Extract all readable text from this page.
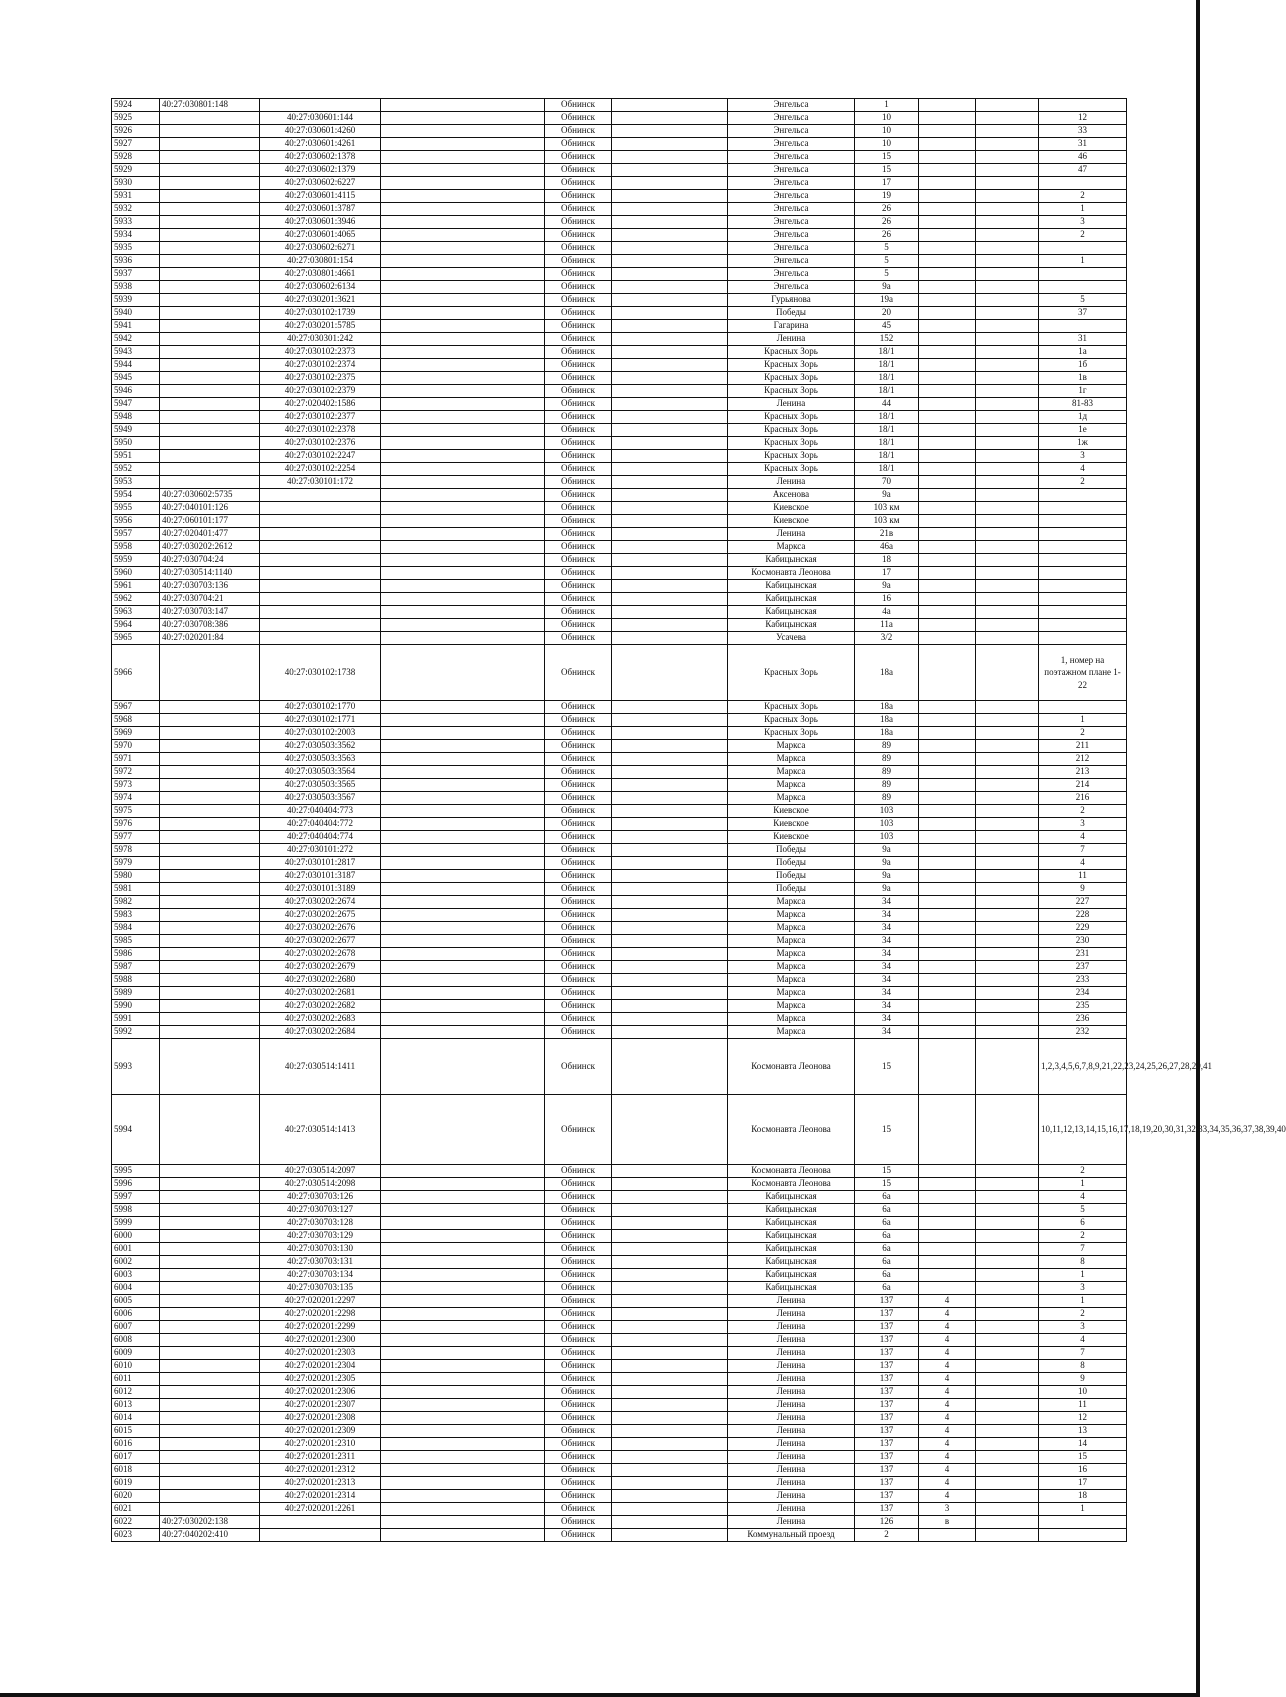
5924	40:27:030801:148			Обнинск		Энгельса	1			
5925		40:27:030601:144		Обнинск		Энгельса	10			12
5926		40:27:030601:4260		Обнинск		Энгельса	10			33
5927		40:27:030601:4261		Обнинск		Энгельса	10			31
5928		40:27:030602:1378		Обнинск		Энгельса	15			46
5929		40:27:030602:1379		Обнинск		Энгельса	15			47
5930		40:27:030602:6227		Обнинск		Энгельса	17			
5931		40:27:030601:4115		Обнинск		Энгельса	19			2
5932		40:27:030601:3787		Обнинск		Энгельса	26			1
5933		40:27:030601:3946		Обнинск		Энгельса	26			3
5934		40:27:030601:4065		Обнинск		Энгельса	26			2
5935		40:27:030602:6271		Обнинск		Энгельса	5			
5936		40:27:030801:154		Обнинск		Энгельса	5			1
5937		40:27:030801:4661		Обнинск		Энгельса	5			
5938		40:27:030602:6134		Обнинск		Энгельса	9а			
5939		40:27:030201:3621		Обнинск		Гурьянова	19а			5
5940		40:27:030102:1739		Обнинск		Победы	20			37
5941		40:27:030201:5785		Обнинск		Гагарина	45			
5942		40:27:030301:242		Обнинск		Ленина	152			31
5943		40:27:030102:2373		Обнинск		Красных Зорь	18/1			1а
5944		40:27:030102:2374		Обнинск		Красных Зорь	18/1			1б
5945		40:27:030102:2375		Обнинск		Красных Зорь	18/1			1в
5946		40:27:030102:2379		Обнинск		Красных Зорь	18/1			1г
5947		40:27:020402:1586		Обнинск		Ленина	44			81-83
5948		40:27:030102:2377		Обнинск		Красных Зорь	18/1			1д
5949		40:27:030102:2378		Обнинск		Красных Зорь	18/1			1е
5950		40:27:030102:2376		Обнинск		Красных Зорь	18/1			1ж
5951		40:27:030102:2247		Обнинск		Красных Зорь	18/1			3
5952		40:27:030102:2254		Обнинск		Красных Зорь	18/1			4
5953		40:27:030101:172		Обнинск		Ленина	70			2
5954	40:27:030602:5735			Обнинск		Аксенова	9а			
5955	40:27:040101:126			Обнинск		Киевское	103 км			
5956	40:27:060101:177			Обнинск		Киевское	103 км			
5957	40:27:020401:477			Обнинск		Ленина	21в			
5958	40:27:030202:2612			Обнинск		Маркса	46а			
5959	40:27:030704:24			Обнинск		Кабицынская	18			
5960	40:27:030514:1140			Обнинск		Космонавта Леонова	17			
5961	40:27:030703:136			Обнинск		Кабицынская	9а			
5962	40:27:030704:21			Обнинск		Кабицынская	16			
5963	40:27:030703:147			Обнинск		Кабицынская	4а			
5964	40:27:030708:386			Обнинск		Кабицынская	11а			
5965	40:27:020201:84			Обнинск		Усачева	3/2			
5966		40:27:030102:1738		Обнинск		Красных Зорь	18а			1, номер на поэтажном плане 1-22
5967		40:27:030102:1770		Обнинск		Красных Зорь	18а			
5968		40:27:030102:1771		Обнинск		Красных Зорь	18а			1
5969		40:27:030102:2003		Обнинск		Красных Зорь	18а			2
5970		40:27:030503:3562		Обнинск		Маркса	89			211
5971		40:27:030503:3563		Обнинск		Маркса	89			212
5972		40:27:030503:3564		Обнинск		Маркса	89			213
5973		40:27:030503:3565		Обнинск		Маркса	89			214
5974		40:27:030503:3567		Обнинск		Маркса	89			216
5975		40:27:040404:773		Обнинск		Киевское	103			2
5976		40:27:040404:772		Обнинск		Киевское	103			3
5977		40:27:040404:774		Обнинск		Киевское	103			4
5978		40:27:030101:272		Обнинск		Победы	9а			7
5979		40:27:030101:2817		Обнинск		Победы	9а			4
5980		40:27:030101:3187		Обнинск		Победы	9а			11
5981		40:27:030101:3189		Обнинск		Победы	9а			9
5982		40:27:030202:2674		Обнинск		Маркса	34			227
5983		40:27:030202:2675		Обнинск		Маркса	34			228
5984		40:27:030202:2676		Обнинск		Маркса	34			229
5985		40:27:030202:2677		Обнинск		Маркса	34			230
5986		40:27:030202:2678		Обнинск		Маркса	34			231
5987		40:27:030202:2679		Обнинск		Маркса	34			237
5988		40:27:030202:2680		Обнинск		Маркса	34			233
5989		40:27:030202:2681		Обнинск		Маркса	34			234
5990		40:27:030202:2682		Обнинск		Маркса	34			235
5991		40:27:030202:2683		Обнинск		Маркса	34			236
5992		40:27:030202:2684		Обнинск		Маркса	34			232
5993		40:27:030514:1411		Обнинск		Космонавта Леонова	15			1,2,3,4,5,6,7,8,9,21,22,23,24,25,26,27,28,29,41
5994		40:27:030514:1413		Обнинск		Космонавта Леонова	15			10,11,12,13,14,15,16,17,18,19,20,30,31,32,33,34,35,36,37,38,39,40
5995		40:27:030514:2097		Обнинск		Космонавта Леонова	15			2
5996		40:27:030514:2098		Обнинск		Космонавта Леонова	15			1
5997		40:27:030703:126		Обнинск		Кабицынская	6а			4
5998		40:27:030703:127		Обнинск		Кабицынская	6а			5
5999		40:27:030703:128		Обнинск		Кабицынская	6а			6
6000		40:27:030703:129		Обнинск		Кабицынская	6а			2
6001		40:27:030703:130		Обнинск		Кабицынская	6а			7
6002		40:27:030703:131		Обнинск		Кабицынская	6а			8
6003		40:27:030703:134		Обнинск		Кабицынская	6а			1
6004		40:27:030703:135		Обнинск		Кабицынская	6а			3
6005		40:27:020201:2297		Обнинск		Ленина	137	4		1
6006		40:27:020201:2298		Обнинск		Ленина	137	4		2
6007		40:27:020201:2299		Обнинск		Ленина	137	4		3
6008		40:27:020201:2300		Обнинск		Ленина	137	4		4
6009		40:27:020201:2303		Обнинск		Ленина	137	4		7
6010		40:27:020201:2304		Обнинск		Ленина	137	4		8
6011		40:27:020201:2305		Обнинск		Ленина	137	4		9
6012		40:27:020201:2306		Обнинск		Ленина	137	4		10
6013		40:27:020201:2307		Обнинск		Ленина	137	4		11
6014		40:27:020201:2308		Обнинск		Ленина	137	4		12
6015		40:27:020201:2309		Обнинск		Ленина	137	4		13
6016		40:27:020201:2310		Обнинск		Ленина	137	4		14
6017		40:27:020201:2311		Обнинск		Ленина	137	4		15
6018		40:27:020201:2312		Обнинск		Ленина	137	4		16
6019		40:27:020201:2313		Обнинск		Ленина	137	4		17
6020		40:27:020201:2314		Обнинск		Ленина	137	4		18
6021		40:27:020201:2261		Обнинск		Ленина	137	3		1
6022	40:27:030202:138			Обнинск		Ленина	126	в		
6023	40:27:040202:410			Обнинск		Коммунальный проезд	2			
